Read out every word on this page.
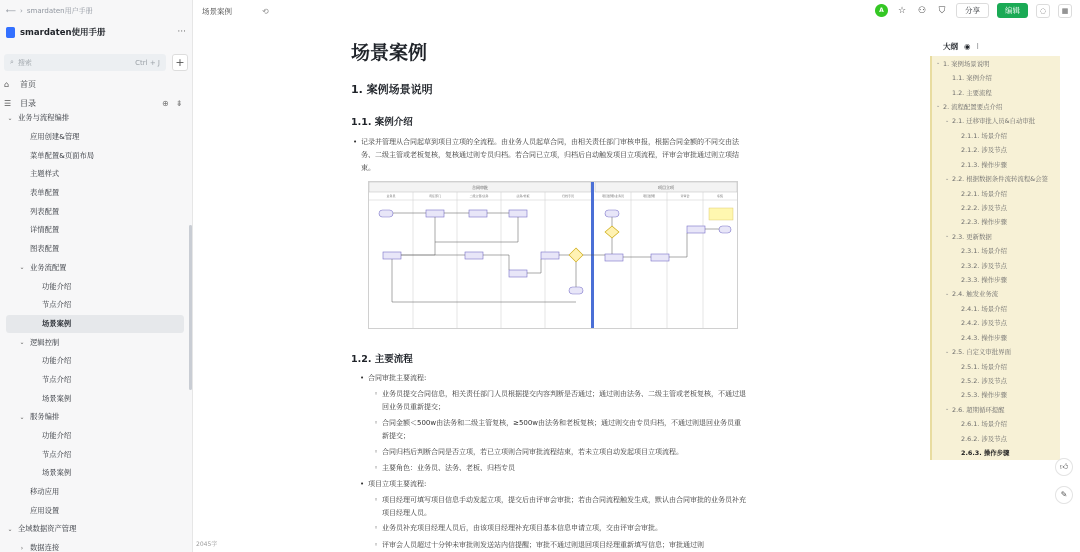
⟵ › smardaten用户手册
smardaten使用手册	···
⌕ 搜索	Ctrl + J	+
⌂	首页
☰	目录	⊕ ⇟
⌄ 业务与流程编排
应用创建&管理
菜单配置&页面布局
主题样式
表单配置
列表配置
详情配置
图表配置
⌄ 业务流配置
功能介绍
节点介绍
场景案例
⌄ 逻辑控制
功能介绍
节点介绍
场景案例
⌄ 服务编排
功能介绍
节点介绍
场景案例
移动应用
应用设置
⌄ 全域数据资产管理
› 数据连接
场景案例	⟲	A	☆ ⚇ ⛉	分享	编辑	◌	▦
场景案例
1. 案例场景说明
1.1. 案例介绍
• 记录并管理从合同起草到项目立项的全流程。由业务人员起草合同，由相关责任部门审核申报，根据合同金额的不同交由法务、二级主管或老板复核，复核通过则专员归档。若合同已立项，归档后自动触发项目立项流程，评审会审批通过则立项结束。
合同审批	项目立项
业务员	责任部门	二级主管/法务	法务/老板	归档专员	项目经理/业务员	项目经理	评审会	系统
1.2. 主要流程
• 合同审批主要流程:
◦ 业务员提交合同信息，相关责任部门人员根据提交内容判断是否通过；通过则由法务、二级主管或老板复核，不通过退回业务员重新提交；
◦ 合同金额＜500w由法务和二级主管复核，≥500w由法务和老板复核；通过则交由专员归档，不通过则退回业务员重新提交；
◦ 合同归档后判断合同是否立项，若已立项则合同审批流程结束，若未立项自动发起项目立项流程。
◦ 主要角色：业务员、法务、老板、归档专员
• 项目立项主要流程:
◦ 项目经理可填写项目信息手动发起立项，提交后由评审会审批；若由合同流程触发生成，默认由合同审批的业务员补充项目经理人员。
◦ 业务员补充项目经理人员后，由该项目经理补充项目基本信息申请立项，交由评审会审批。
◦ 评审会人员超过十分钟未审批则发送站内信提醒；审批不通过则退回项目经理重新填写信息；审批通过则
2045字
大纲 ◉ ⁝
⌄ 1. 案例场景说明
1.1. 案例介绍
1.2. 主要流程
⌄ 2. 流程配置要点介绍
⌄ 2.1. 迁移审批人员&自动审批
2.1.1. 场景介绍
2.1.2. 涉及节点
2.1.3. 操作步骤
⌄ 2.2. 根据数据条件流转流程&会签
2.2.1. 场景介绍
2.2.2. 涉及节点
2.2.3. 操作步骤
⌄ 2.3. 更新数据
2.3.1. 场景介绍
2.3.2. 涉及节点
2.3.3. 操作步骤
⌄ 2.4. 触发业务流
2.4.1. 场景介绍
2.4.2. 涉及节点
2.4.3. 操作步骤
⌄ 2.5. 自定义审批界面
2.5.1. 场景介绍
2.5.2. 涉及节点
2.5.3. 操作步骤
⌄ 2.6. 超期循环提醒
2.6.1. 场景介绍
2.6.2. 涉及节点
2.6.3. 操作步骤
👍︎
✎
